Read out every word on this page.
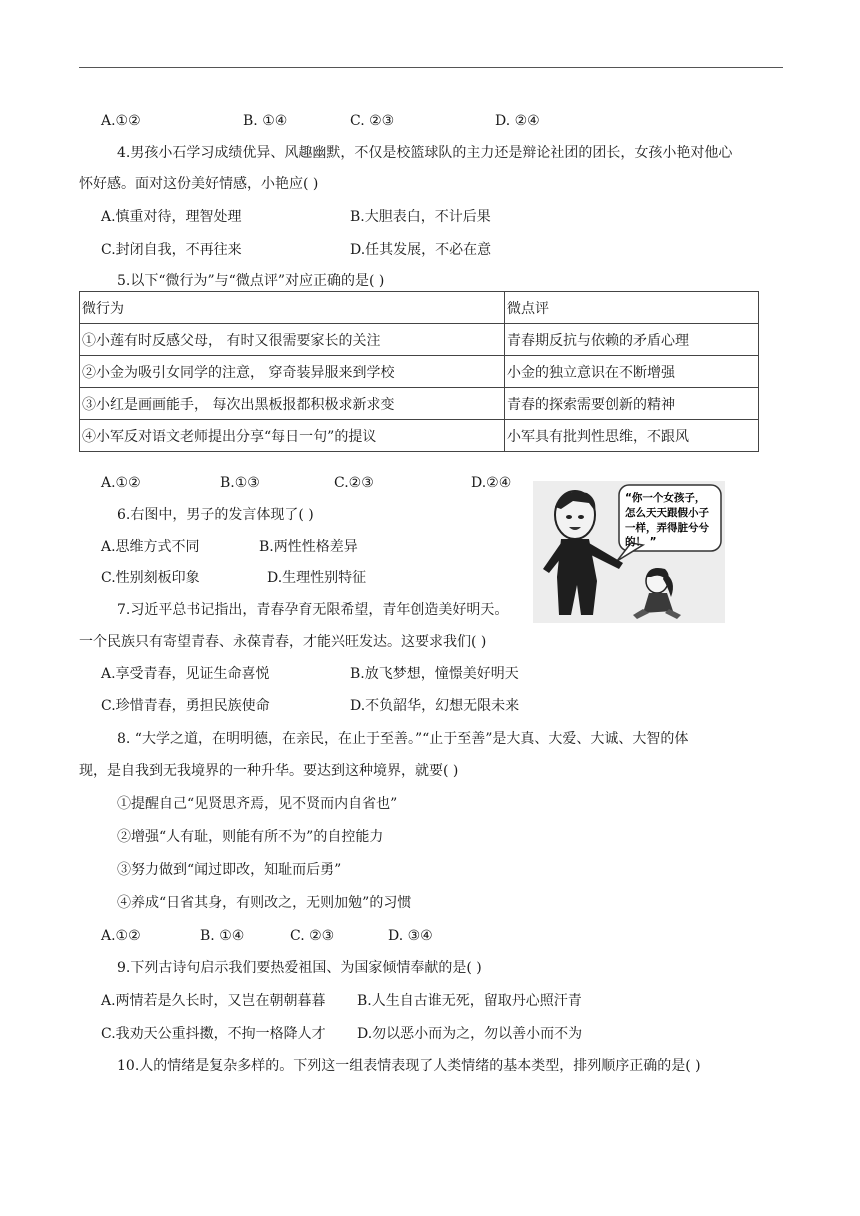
A.①②	B. ①④	C. ②③	D. ②④
4.男孩小石学习成绩优异、风趣幽默，不仅是校篮球队的主力还是辩论社团的团长，女孩小艳对他心
怀好感。面对这份美好情感，小艳应( )
A.慎重对待，理智处理	B.大胆表白，不计后果
C.封闭自我，不再往来	D.任其发展，不必在意
5.以下“微行为”与“微点评”对应正确的是( )
微行为	微点评
①小莲有时反感父母， 有时又很需要家长的关注	青春期反抗与依赖的矛盾心理
②小金为吸引女同学的注意， 穿奇装异服来到学校	小金的独立意识在不断增强
③小红是画画能手， 每次出黑板报都积极求新求变	青春的探索需要创新的精神
④小军反对语文老师提出分享“每日一句”的提议	小军具有批判性思维，不跟风
A.①②	B.①③	C.②③	D.②④
6.右图中，男子的发言体现了( )
A.思维方式不同	B.两性性格差异
C.性别刻板印象	D.生理性别特征
“你一个女孩子，
怎么天天跟假小子
一样，弄得脏兮兮
的！ ”
7.习近平总书记指出，青春孕育无限希望，青年创造美好明天。
一个民族只有寄望青春、永葆青春，才能兴旺发达。这要求我们( )
A.享受青春，见证生命喜悦	B.放飞梦想，憧憬美好明天
C.珍惜青春，勇担民族使命	D.不负韶华，幻想无限未来
8. “大学之道，在明明德，在亲民，在止于至善。”“止于至善”是大真、大爱、大诚、大智的体
现，是自我到无我境界的一种升华。要达到这种境界，就要( )
①提醒自己“见贤思齐焉，见不贤而内自省也”
②增强“人有耻，则能有所不为”的自控能力
③努力做到“闻过即改，知耻而后勇”
④养成“日省其身，有则改之，无则加勉”的习惯
A.①②	B. ①④	C. ②③	D. ③④
9.下列古诗句启示我们要热爱祖国、为国家倾情奉献的是( )
A.两情若是久长时，又岂在朝朝暮暮 B.人生自古谁无死，留取丹心照汗青
C.我劝天公重抖擞，不拘一格降人才 D.勿以恶小而为之，勿以善小而不为
10.人的情绪是复杂多样的。下列这一组表情表现了人类情绪的基本类型，排列顺序正确的是( )
